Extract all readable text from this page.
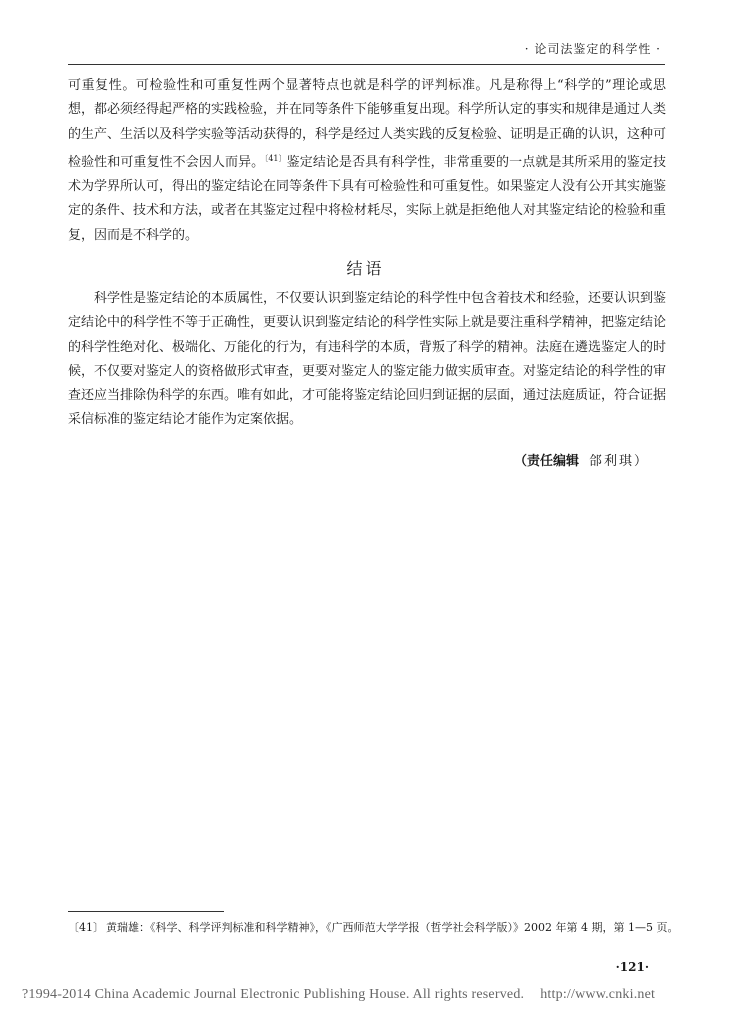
· 论司法鉴定的科学性 ·
可重复性。可检验性和可重复性两个显著特点也就是科学的评判标准。凡是称得上“科学的”理论或思想，都必须经得起严格的实践检验，并在同等条件下能够重复出现。科学所认定的事实和规律是通过人类的生产、生活以及科学实验等活动获得的，科学是经过人类实践的反复检验、证明是正确的认识，这种可检验性和可重复性不会因人而异。$^{〔41〕}$鉴定结论是否具有科学性，非常重要的一点就是其所采用的鉴定技术为学界所认可，得出的鉴定结论在同等条件下具有可检验性和可重复性。如果鉴定人没有公开其实施鉴定的条件、技术和方法，或者在其鉴定过程中将检材耗尽，实际上就是拒绝他人对其鉴定结论的检验和重复，因而是不科学的。
结语
科学性是鉴定结论的本质属性，不仅要认识到鉴定结论的科学性中包含着技术和经验，还要认识到鉴定结论中的科学性不等于正确性，更要认识到鉴定结论的科学性实际上就是要注重科学精神，把鉴定结论的科学性绝对化、极端化、万能化的行为，有违科学的本质，背叛了科学的精神。法庭在遴选鉴定人的时候，不仅要对鉴定人的资格做形式审查，更要对鉴定人的鉴定能力做实质审查。对鉴定结论的科学性的审查还应当排除伪科学的东西。唯有如此，才可能将鉴定结论回归到证据的层面，通过法庭质证，符合证据采信标准的鉴定结论才能作为定案依据。
（责任编辑 郃利琪）
〔41〕 黄瑞雄：《科学、科学评判标准和科学精神》，《广西师范大学学报（哲学社会科学版）》2002 年第 4 期，第 1—5 页。
·121·
?1994-2014 China Academic Journal Electronic Publishing House. All rights reserved. http://www.cnki.net
